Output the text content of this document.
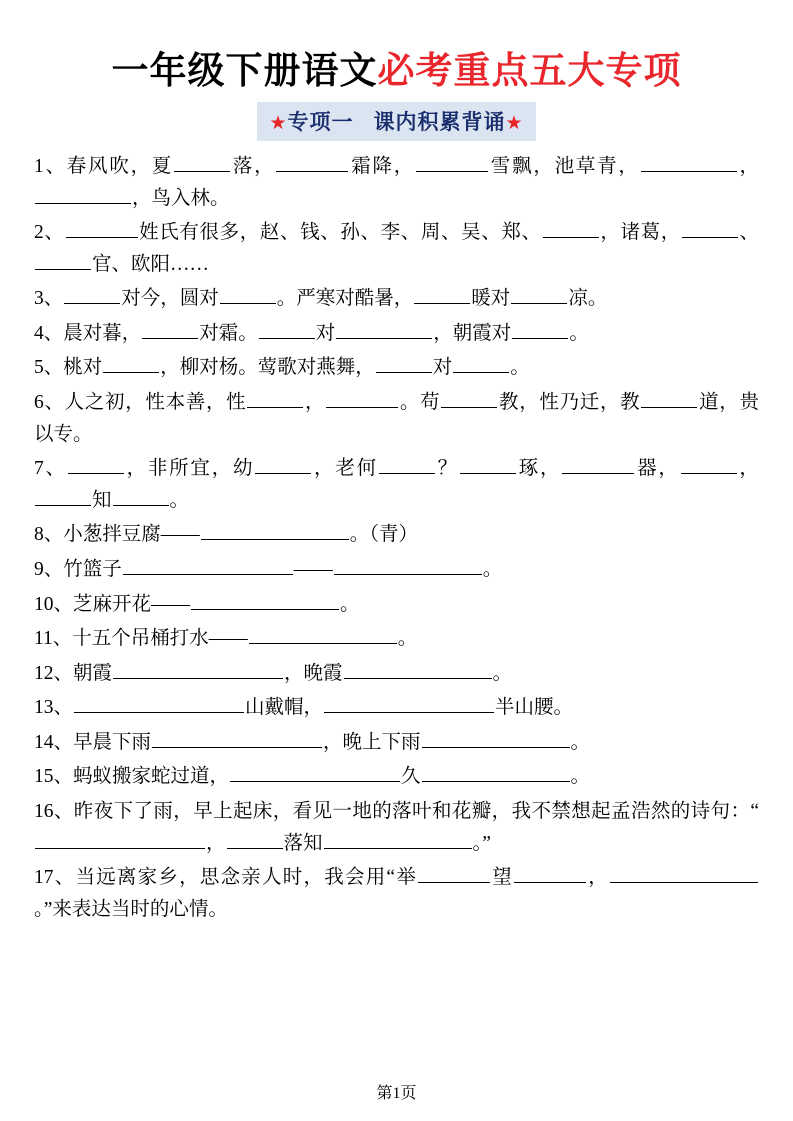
一年级下册语文必考重点五大专项
★专项一 课内积累背诵★

1、春风吹，夏	落，	霜降，	雪飘，池草青，	，，鸟入林。

2、	姓氏有很多，赵、钱、孙、李、周、吴、郑、	，诸葛，	、官、欧阳……

3、	对今，圆对	。严寒对酷暑，	暖对	凉。

4、晨对暮，	对霜。	对	，朝霞对	。

5、桃对	，柳对杨。莺歌对燕舞，	对	。

6、人之初，性本善，性	，	。苟	教，性乃迁，教	道，贵以专。

7、	，非所宜，幼	，老何	？	琢，	器，	，知	。

8、小葱拌豆腐——	。（青）

9、竹篮子	——	。

10、芝麻开花——	。

11、十五个吊桶打水——	。

12、朝霞	，晚霞	。

13、	山戴帽，	半山腰。

14、早晨下雨	，晚上下雨	。

15、蚂蚁搬家蛇过道，	久	。

16、昨夜下了雨，早上起床，看见一地的落叶和花瓣，我不禁想起孟浩然的诗句：“，	落知	。”

17、当远离家乡，思念亲人时，我会用“举	望	，。”来表达当时的心情。

第1页
